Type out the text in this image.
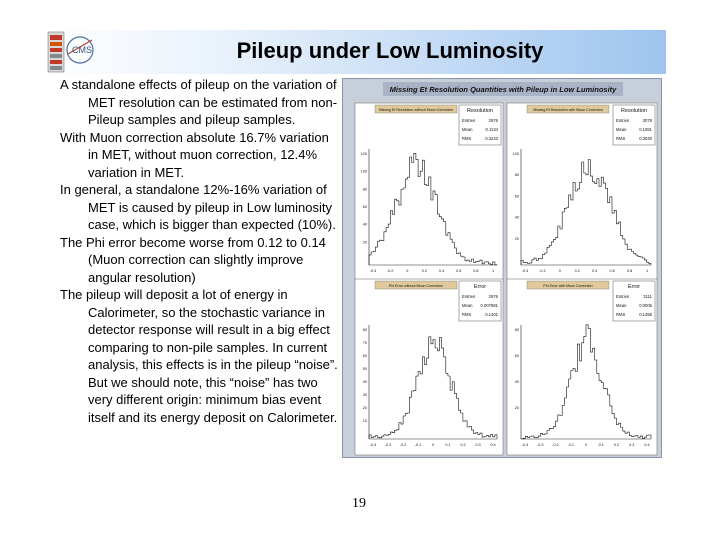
CMS	Pileup under Low Luminosity

A standalone effects of pileup on the variation of MET resolution can be estimated from non-Pileup samples and pileup samples.

With Muon correction absolute 16.7% variation in MET, without muon correction, 12.4% variation in MET.

In general, a standalone 12%-16% variation of MET is caused by pileup in Low luminosity case, which is bigger than expected (10%).

The Phi error become worse from 0.12 to 0.14 (Muon correction can slightly improve angular resolution)

The pileup will deposit a lot of energy in Calorimeter, so the stochastic variance in detector response will result in a big effect comparing to non-pile samples. In current analysis, this effects is in the pileup “noise”. But we should note, this “noise” has two very different origin: minimum bias event itself and its energy deposit on Calorimeter.

Missing Et Resolution Quantities with Pileup in Low Luminosity
Missing Et Resolution without Muon Correction Resolution
Entries	2976
Mean	0.1134
RMS	0.3243
120
100
80
60
40
20
-0.4	-0.2	0	0.2	0.4	0.6	0.8	1
Missing Et Resolution with Muon Correction	Resolution
Entries	3079
Mean	0.1081
RMS	0.3040
100
80
60
40
20
-0.4	-0.2	0	0.2	0.4	0.6	0.8	1
Phi Error without Muon Correction	Error
Entries	2976
Mean 0.007981
RMS	0.1401
80
70
60
50
40
30
20
10
-0.4 -0.3 -0.2 -0.1	0	0.1	0.2	0.3	0.4
Phi Error with Muon Correction	Error
Entries	3111
Mean	0.0006
RMS	0.1358
80
60
40
20
-0.4 -0.3 -0.2 -0.1	0	0.1	0.2	0.3	0.4
19
